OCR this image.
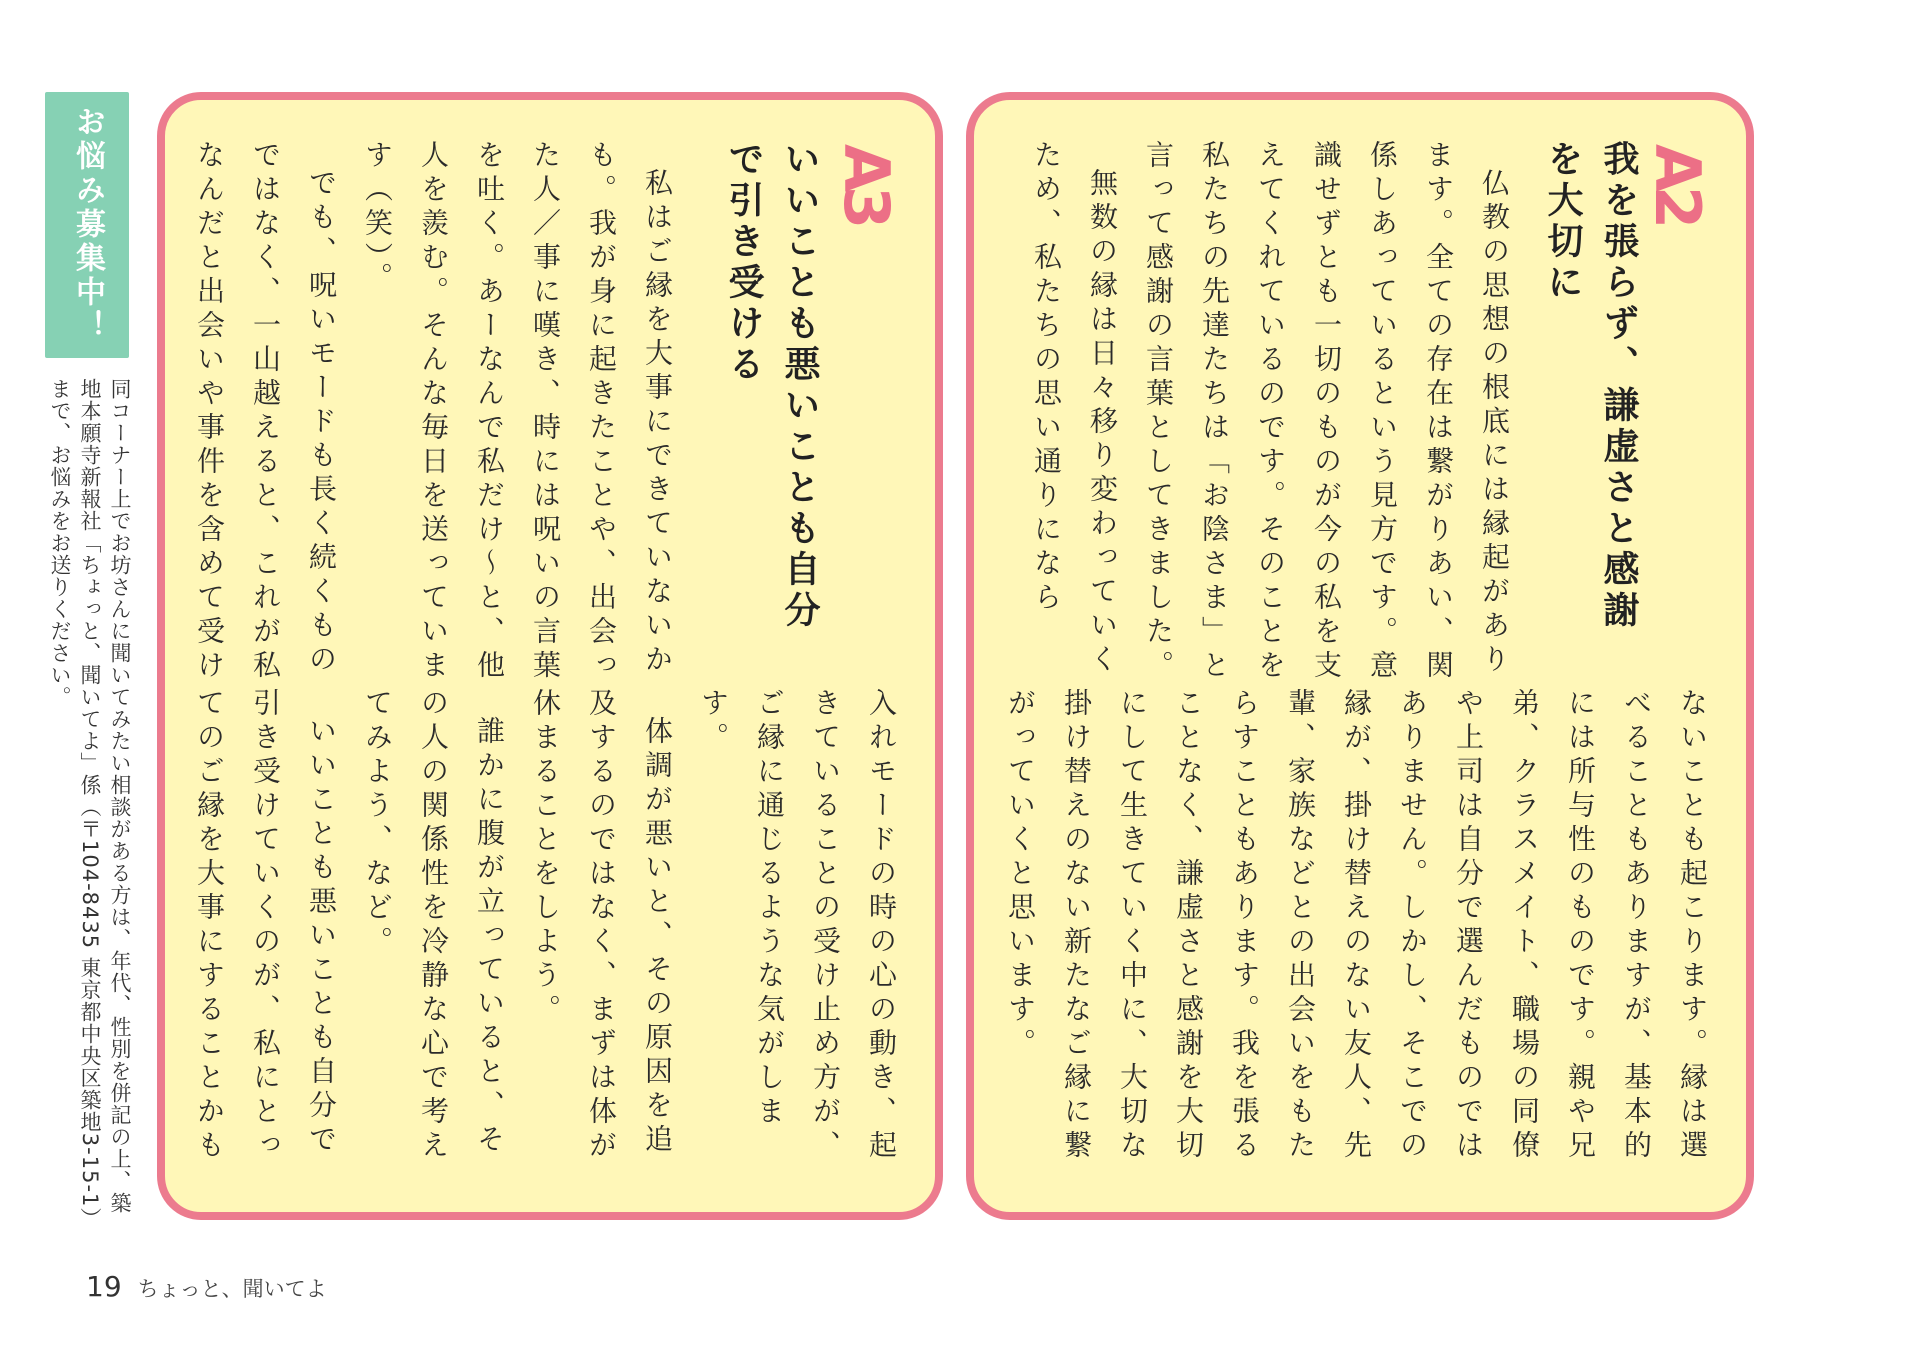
お悩み募集中！
同コーナー上でお坊さんに聞いてみたい相談がある方は、年代、性別を併記の上、築地本願寺新報社「ちょっと、聞いてよ」係（〒104-8435 東京都中央区築地3-15-1）まで、お悩みをお送りください。
A3
いいことも悪いことも自分で引き受ける

私はご縁を大事にできていないかも。我が身に起きたことや、出会った人／事に嘆き、時には呪いの言葉を吐く。あーなんで私だけ〜と、他人を羨む。そんな毎日を送っています（笑）。

でも、呪いモードも長く続くものではなく、一山越えると、これが私なんだと出会いや事件を含めて受け

入れモードの時の心の動き、起きていることの受け止め方が、ご縁に通じるような気がします。

体調が悪いと、その原因を追及するのではなく、まずは体が休まることをしよう。

誰かに腹が立っていると、その人の関係性を冷静な心で考えてみよう、など。

いいことも悪いことも自分で引き受けていくのが、私にとってのご縁を大事にすることかも

A2
我を張らず、謙虚さと感謝を大切に

仏教の思想の根底には縁起があります。全ての存在は繋がりあい、関係しあっているという見方です。意識せずとも一切のものが今の私を支えてくれているのです。そのことを私たちの先達たちは「お陰さま」と言って感謝の言葉としてきました。

無数の縁は日々移り変わっていくため、私たちの思い通りになら

ないことも起こります。縁は選べることもありますが、基本的には所与性のものです。親や兄弟、クラスメイト、職場の同僚や上司は自分で選んだものではありません。しかし、そこでの縁が、掛け替えのない友人、先輩、家族などとの出会いをもたらすこともあります。我を張ることなく、謙虚さと感謝を大切にして生きていく中に、大切な掛け替えのない新たなご縁に繋がっていくと思います。

19 ちょっと、聞いてよ
